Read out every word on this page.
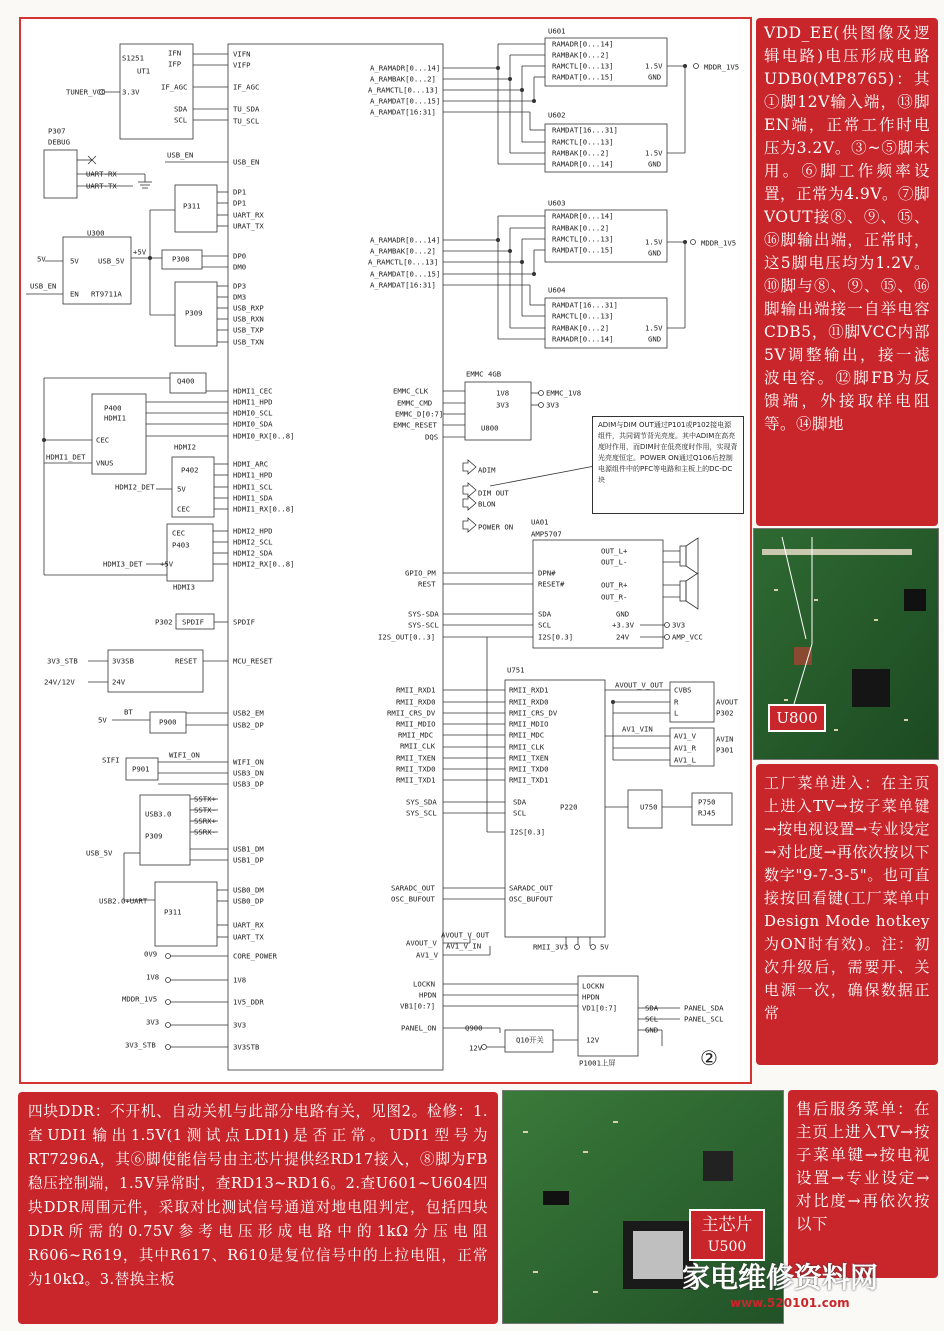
S1251
UT1
IFN
IFP
VIFN
VIFP
TUNER_VCC 3.3V
IF_AGC	IF_AGC
SDA
SCL
TU_SDA
TU_SCL
P307
DEBUG
UART-RX
UART-TX
USB_EN
USB_EN
P311
DP1
DP1
UART_RX
URAT_TX
U300
5V	5V	USB_5V
+5V
P308	DP0
DM0
USB_EN
EN RT9711A
P309
DP3
DM3
USB_RXP
USB_RXN
USB_TXP
USB_TXN
Q400
HDMI1_CEC
P400
HDMI1
HDMI1_HPD
HDMI0_SCL
HDMI0_SDA
HDMI0_RX[0..8]
CEC
VNUS
HDMI1_DET
HDMI2
P402
HDMI_ARC
HDMI1_HPD
HDMI1_SCL
HDMI1_SDA
HDMI1_RX[0..8]
HDMI2_DET	5V
CEC
CEC
P403
HDMI2_HPD
HDMI2_SCL
HDMI2_SDA
HDMI2_RX[0..8]
HDMI3_DET +5V
HDMI3
P302 SPDIF	SPDIF
3V3_STB	3V3SB	RESET	MCU_RESET
24V/12V	24V
BT
5V	P900
USB2_EM
USB2_DP
WIFI_ON
SIFI
P901
WIFI_ON
USB3_DN
USB3_DP
SSTX+
SSTX-
SSRX+
SSRX-
USB3.0
P309
USB_5V	USB1_DM
USB1_DP
USB2.0+UART
P311
USB0_DM
USB0_DP
UART_RX
UART_TX
0V9	CORE_POWER
1V8	1V8
MDDR_1V5	1V5_DDR
3V3	3V3
3V3_STB	3V3STB
A_RAMADR[0...14]
A_RAMBAK[0...2]
A_RAMCTL[0...13]
A_RAMDAT[0...15]
A_RAMDAT[16:31]
U601
RAMADR[0...14]
RAMBAK[0...2]
RAMCTL[0...13]
RAMDAT[0...15]
1.5V
GND
MDDR_1V5
U602
RAMDAT[16...31]
RAMCTL[0...13]
RAMBAK[0...2]
RAMADR[0...14]
1.5V
GND
U603
RAMADR[0...14]
RAMBAK[0...2]
RAMCTL[0...13]
RAMDAT[0...15]
1.5V
GND
MDDR_1V5
A_RAMADR[0...14]
A_RAMBAK[0...2]
A_RAMCTL[0...13]
A_RAMDAT[0...15]
A_RAMDAT[16:31]
U604
RAMDAT[16...31]
RAMCTL[0...13]
RAMBAK[0...2]
RAMADR[0...14]
1.5V
GND
EMMC 4GB
EMMC_CLK
EMMC_CMD
EMMC_D[0:7]
EMMC_RESET
DQS
1V8
3V3
U800
EMMC_1V8
3V3
ADIM
DIM OUT
BLON
POWER ON
UA01
AMP5707
OUT_L+
OUT_L-
GPIO_PM
REST
DPN#
RESET#	OUT_R+
OUT_R-
SYS-SDA
SYS-SCL
I2S_OUT[0..3]
SDA
SCL
I2S[0.3]
GND
+3.3V
24V
3V3
AMP_VCC
U751
RMII_RXD1
RMII_RXD0
RMII_CRS_DV
RMII_MDIO
RMII_MDC
RMII_CLK
RMII_TXEN
RMII_TXD0
RMII_TXD1
RMII_RXD1
RMII_RXD0
RMII_CRS_DV
RMII_MDIO
RMII_MDC
RMII_CLK
RMII_TXEN
RMII_TXD0
RMII_TXD1
AVOUT_V_OUT
CVBS
R
L
AVOUT
P302
AV1_VIN
AV1_V
AV1_R
AV1_L
AVIN
P301
SYS_SDA
SYS_SCL
SDA
SCL
P220
I2S[0.3]
U750
P750
RJ45
SARADC_OUT
OSC_BUFOUT
SARADC_OUT
OSC_BUFOUT
AVOUT_V_OUT
AVOUT_V AV1_V_IN
AV1_V
RMII_3V3	5V
LOCKN
HPDN
VB1[0:7]
LOCKN
HPDN
VD1[0:7]	SDA
SCL
GND
PANEL_SDA
PANEL_SCL
PANEL_ON	Q900
Q10开关
12V
12V
P1001上屏
ADIM与DIM OUT通过P101或P102接电源组件，共同调节背光亮度。其中ADIM在高亮度时作用，而DIM时在低亮度时作用，实现背光亮度恒定。POWER ON通过Q106后控制电源组件中的PFC等电路和主板上的DC-DC块
②

VDD_EE(供图像及逻辑电路)电压形成电路UDB0(MP8765)：其①脚12V输入端，⑬脚EN端，正常工作时电压为3.2V。③~⑤脚未用。⑥脚工作频率设置，正常为4.9V。⑦脚VOUT接⑧、⑨、⑮、⑯脚输出端，正常时，这5脚电压均为1.2V。⑩脚与⑧、⑨、⑮、⑯脚输出端接一自举电容CDB5，⑪脚VCC内部5V调整输出，接一滤波电容。⑫脚FB为反馈端，外接取样电阻等。⑭脚地

U800

工厂菜单进入：在主页上进入TV→按子菜单键→按电视设置→专业设定→对比度→再依次按以下数字"9-7-3-5"。也可直接按回看键(工厂菜单中Design Mode hotkey为ON时有效)。注：初次升级后，需要开、关电源一次，确保数据正常

四块DDR：不开机、自动关机与此部分电路有关，见图2。检修：1.查UDI1输出1.5V(1测试点LDI1)是否正常。UDI1型号为RT7296A，其⑥脚使能信号由主芯片提供经RD17接入，⑧脚为FB稳压控制端，1.5V异常时，查RD13~RD16。2.查U601~U604四块DDR周围元件，采取对比测试信号通道对地电阻判定，包括四块DDR所需的0.75V参考电压形成电路中的1kΩ分压电阻R606~R619，其中R617、R610是复位信号中的上拉电阻，正常为10kΩ。3.替换主板

主芯片
U500

售后服务菜单：在主页上进入TV→按子菜单键→按电视设置→专业设定→对比度→再依次按以下

家电维修资料网
www.520101.com
